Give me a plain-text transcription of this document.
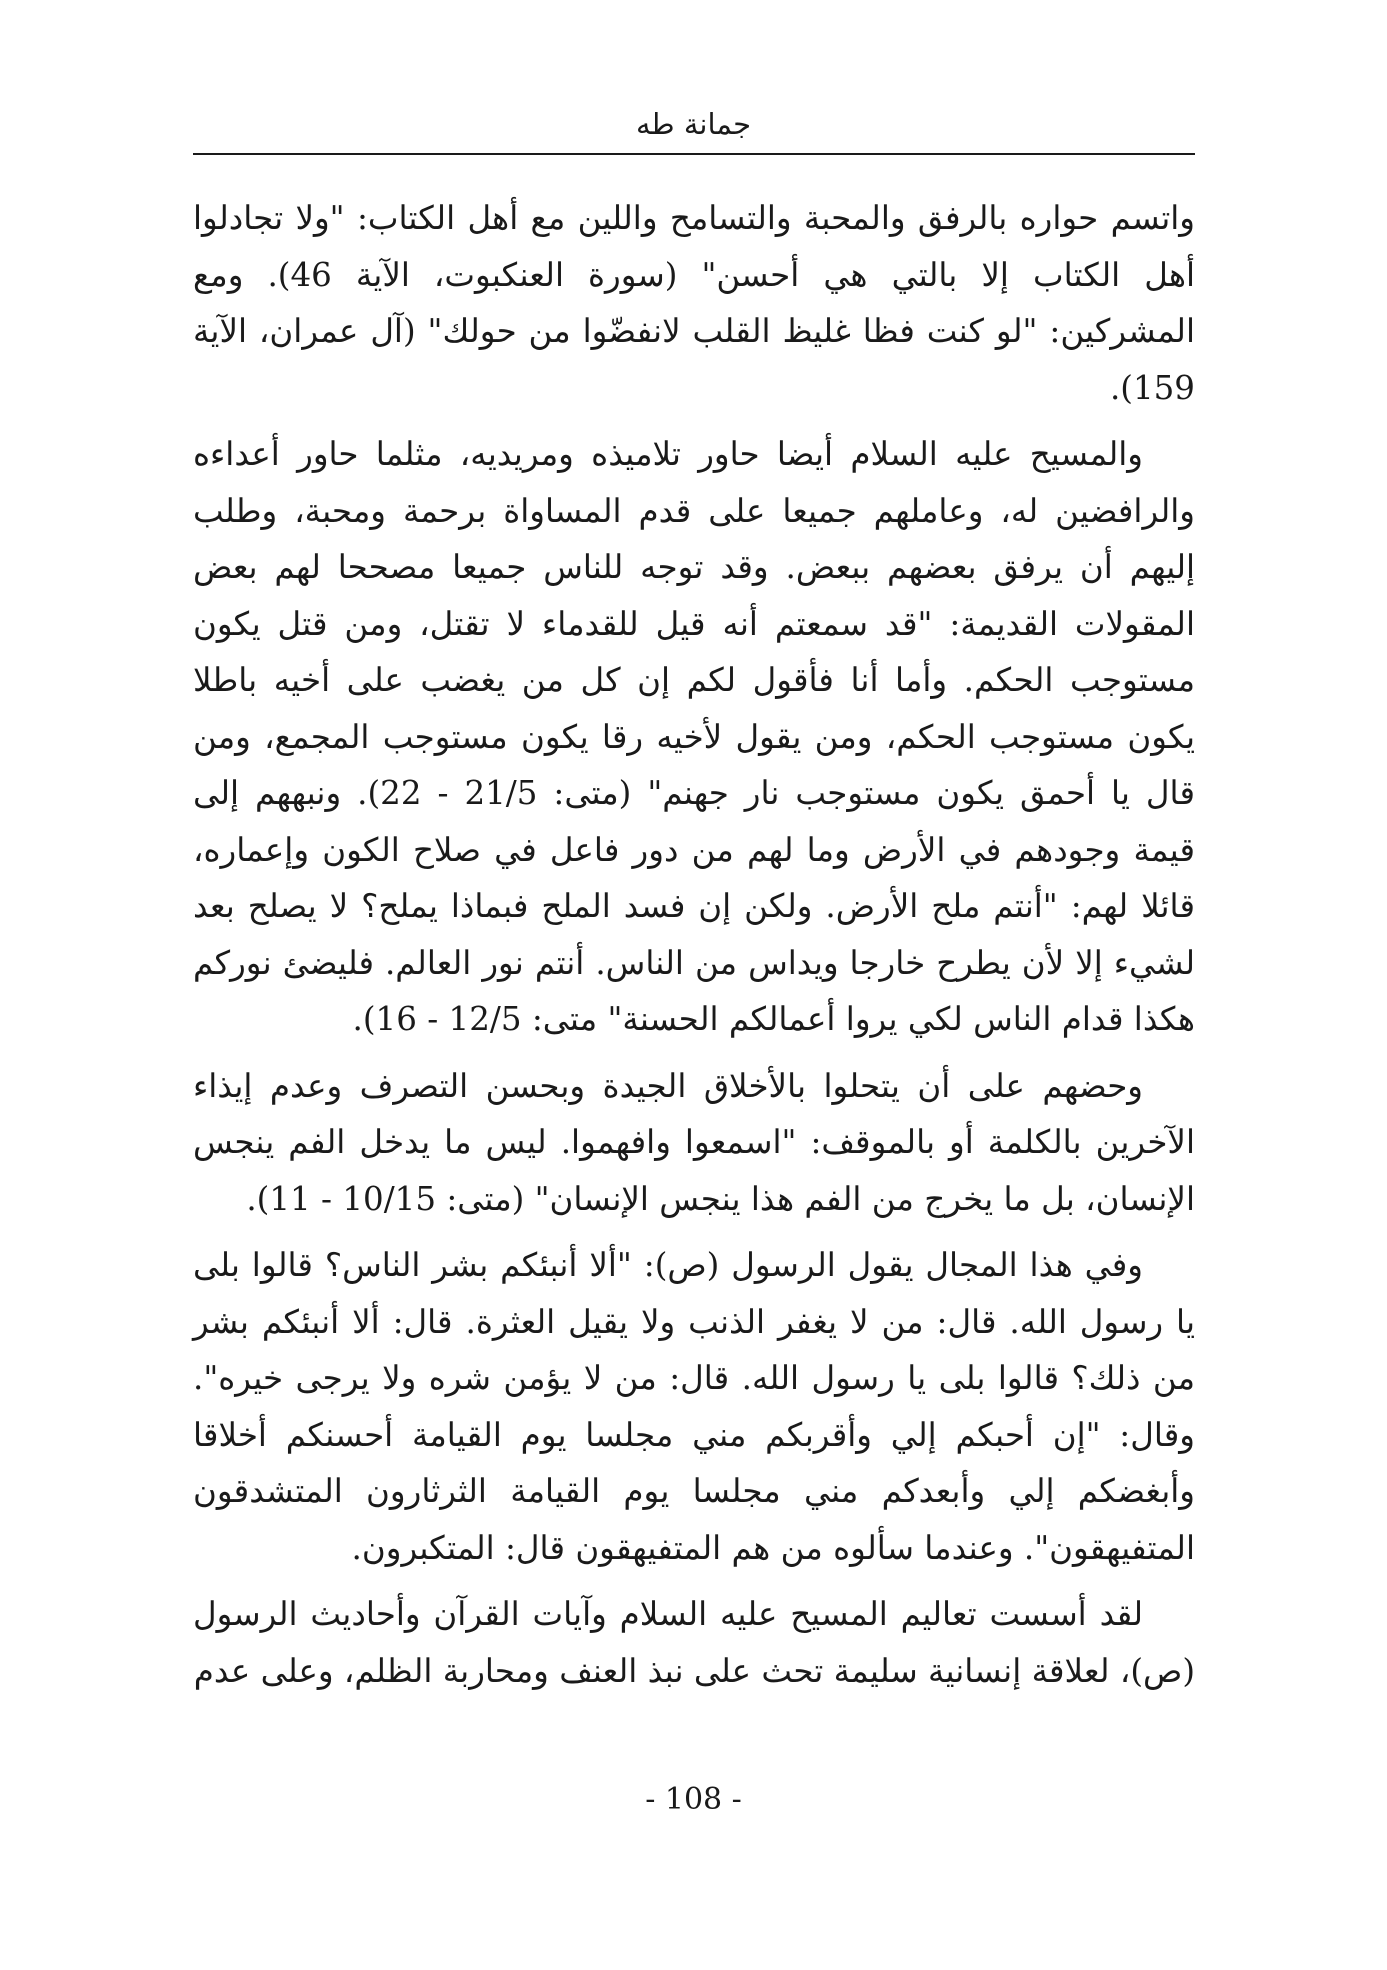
جمانة طه

واتسم حواره بالرفق والمحبة والتسامح واللين مع أهل الكتاب: "ولا تجادلوا أهل الكتاب إلا بالتي هي أحسن" (سورة العنكبوت، الآية 46). ومع المشركين: "لو كنت فظا غليظ القلب لانفضّوا من حولك" (آل عمران، الآية 159).

والمسيح عليه السلام أيضا حاور تلاميذه ومريديه، مثلما حاور أعداءه والرافضين له، وعاملهم جميعا على قدم المساواة برحمة ومحبة، وطلب إليهم أن يرفق بعضهم ببعض. وقد توجه للناس جميعا مصححا لهم بعض المقولات القديمة: "قد سمعتم أنه قيل للقدماء لا تقتل، ومن قتل يكون مستوجب الحكم. وأما أنا فأقول لكم إن كل من يغضب على أخيه باطلا يكون مستوجب الحكم، ومن يقول لأخيه رقا يكون مستوجب المجمع، ومن قال يا أحمق يكون مستوجب نار جهنم" (متى: 21/5 - 22). ونبههم إلى قيمة وجودهم في الأرض وما لهم من دور فاعل في صلاح الكون وإعماره، قائلا لهم: "أنتم ملح الأرض. ولكن إن فسد الملح فبماذا يملح؟ لا يصلح بعد لشيء إلا لأن يطرح خارجا ويداس من الناس. أنتم نور العالم. فليضئ نوركم هكذا قدام الناس لكي يروا أعمالكم الحسنة" متى: 12/5 - 16).

وحضهم على أن يتحلوا بالأخلاق الجيدة وبحسن التصرف وعدم إيذاء الآخرين بالكلمة أو بالموقف: "اسمعوا وافهموا. ليس ما يدخل الفم ينجس الإنسان، بل ما يخرج من الفم هذا ينجس الإنسان" (متى: 10/15 - 11).

وفي هذا المجال يقول الرسول (ص): "ألا أنبئكم بشر الناس؟ قالوا بلى يا رسول الله. قال: من لا يغفر الذنب ولا يقيل العثرة. قال: ألا أنبئكم بشر من ذلك؟ قالوا بلى يا رسول الله. قال: من لا يؤمن شره ولا يرجى خيره". وقال: "إن أحبكم إلي وأقربكم مني مجلسا يوم القيامة أحسنكم أخلاقا وأبغضكم إلي وأبعدكم مني مجلسا يوم القيامة الثرثارون المتشدقون المتفيهقون". وعندما سألوه من هم المتفيهقون قال: المتكبرون.

لقد أسست تعاليم المسيح عليه السلام وآيات القرآن وأحاديث الرسول (ص)، لعلاقة إنسانية سليمة تحث على نبذ العنف ومحاربة الظلم، وعلى عدم

- 108 -
